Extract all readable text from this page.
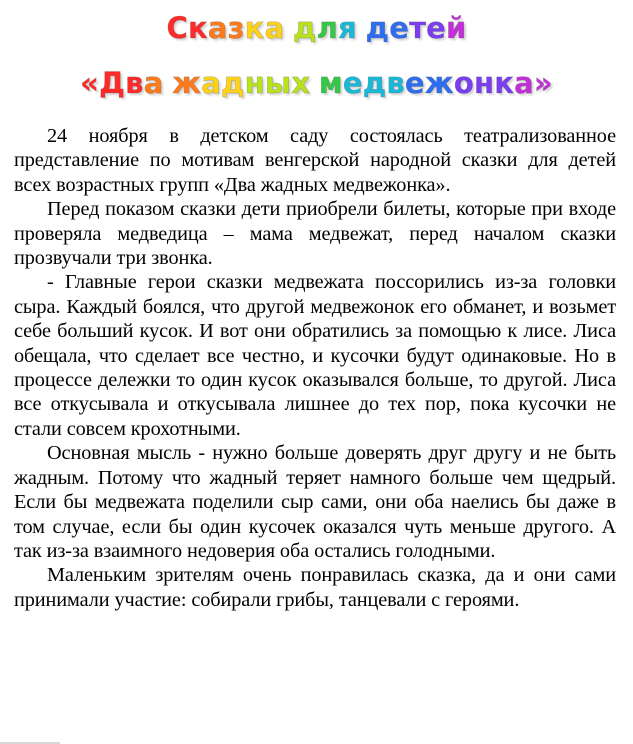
Сказка для детей
«Два жадных медвежонка»

24 ноября в детском саду состоялась театрализованное представление по мотивам венгерской народной сказки для детей всех возрастных групп «Два жадных медвежонка».

Перед показом сказки дети приобрели билеты, которые при входе проверяла медведица – мама медвежат, перед началом сказки прозвучали три звонка.

- Главные герои сказки медвежата поссорились из-за головки сыра. Каждый боялся, что другой медвежонок его обманет, и возьмет себе больший кусок. И вот они обратились за помощью к лисе. Лиса обещала, что сделает все честно, и кусочки будут одинаковые. Но в процессе дележки то один кусок оказывался больше, то другой. Лиса все откусывала и откусывала лишнее до тех пор, пока кусочки не стали совсем крохотными.

Основная мысль - нужно больше доверять друг другу и не быть жадным. Потому что жадный теряет намного больше чем щедрый. Если бы медвежата поделили сыр сами, они оба наелись бы даже в том случае, если бы один кусочек оказался чуть меньше другого. А так из-за взаимного недоверия оба остались голодными.

Маленьким зрителям очень понравилась сказка, да и они сами принимали участие: собирали грибы, танцевали с героями.
